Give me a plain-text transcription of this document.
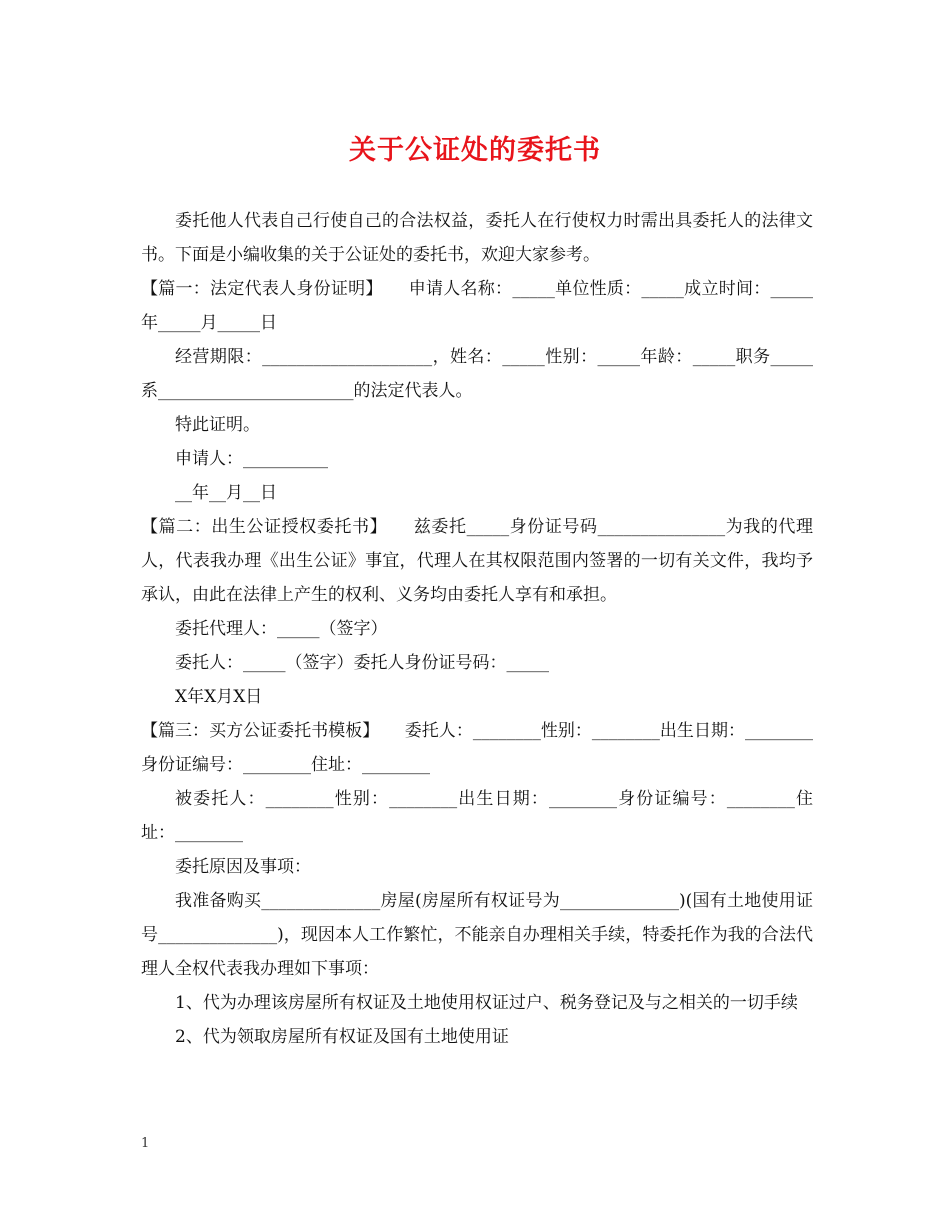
关于公证处的委托书

委托他人代表自己行使自己的合法权益，委托人在行使权力时需出具委托人的法律文书。下面是小编收集的关于公证处的委托书，欢迎大家参考。

【篇一：法定代表人身份证明】　　申请人名称：_____单位性质：_____成立时间：_____年_____月_____日

经营期限：____________________，姓名：_____性别：_____年龄：_____职务_____系_______________________的法定代表人。

特此证明。

申请人：__________

__年__月__日

【篇二：出生公证授权委托书】　　兹委托_____身份证号码_______________为我的代理人，代表我办理《出生公证》事宜，代理人在其权限范围内签署的一切有关文件，我均予承认，由此在法律上产生的权利、义务均由委托人享有和承担。

委托代理人：_____（签字）

委托人：_____（签字）委托人身份证号码：_____

X年X月X日

【篇三：买方公证委托书模板】　　委托人：________性别：________出生日期：________身份证编号：________住址：________

被委托人：________性别：________出生日期：________身份证编号：________住址：________

委托原因及事项：

我准备购买______________房屋(房屋所有权证号为______________)(国有土地使用证号______________)，现因本人工作繁忙，不能亲自办理相关手续，特委托作为我的合法代理人全权代表我办理如下事项：

1、代为办理该房屋所有权证及土地使用权证过户、税务登记及与之相关的一切手续

2、代为领取房屋所有权证及国有土地使用证

1
